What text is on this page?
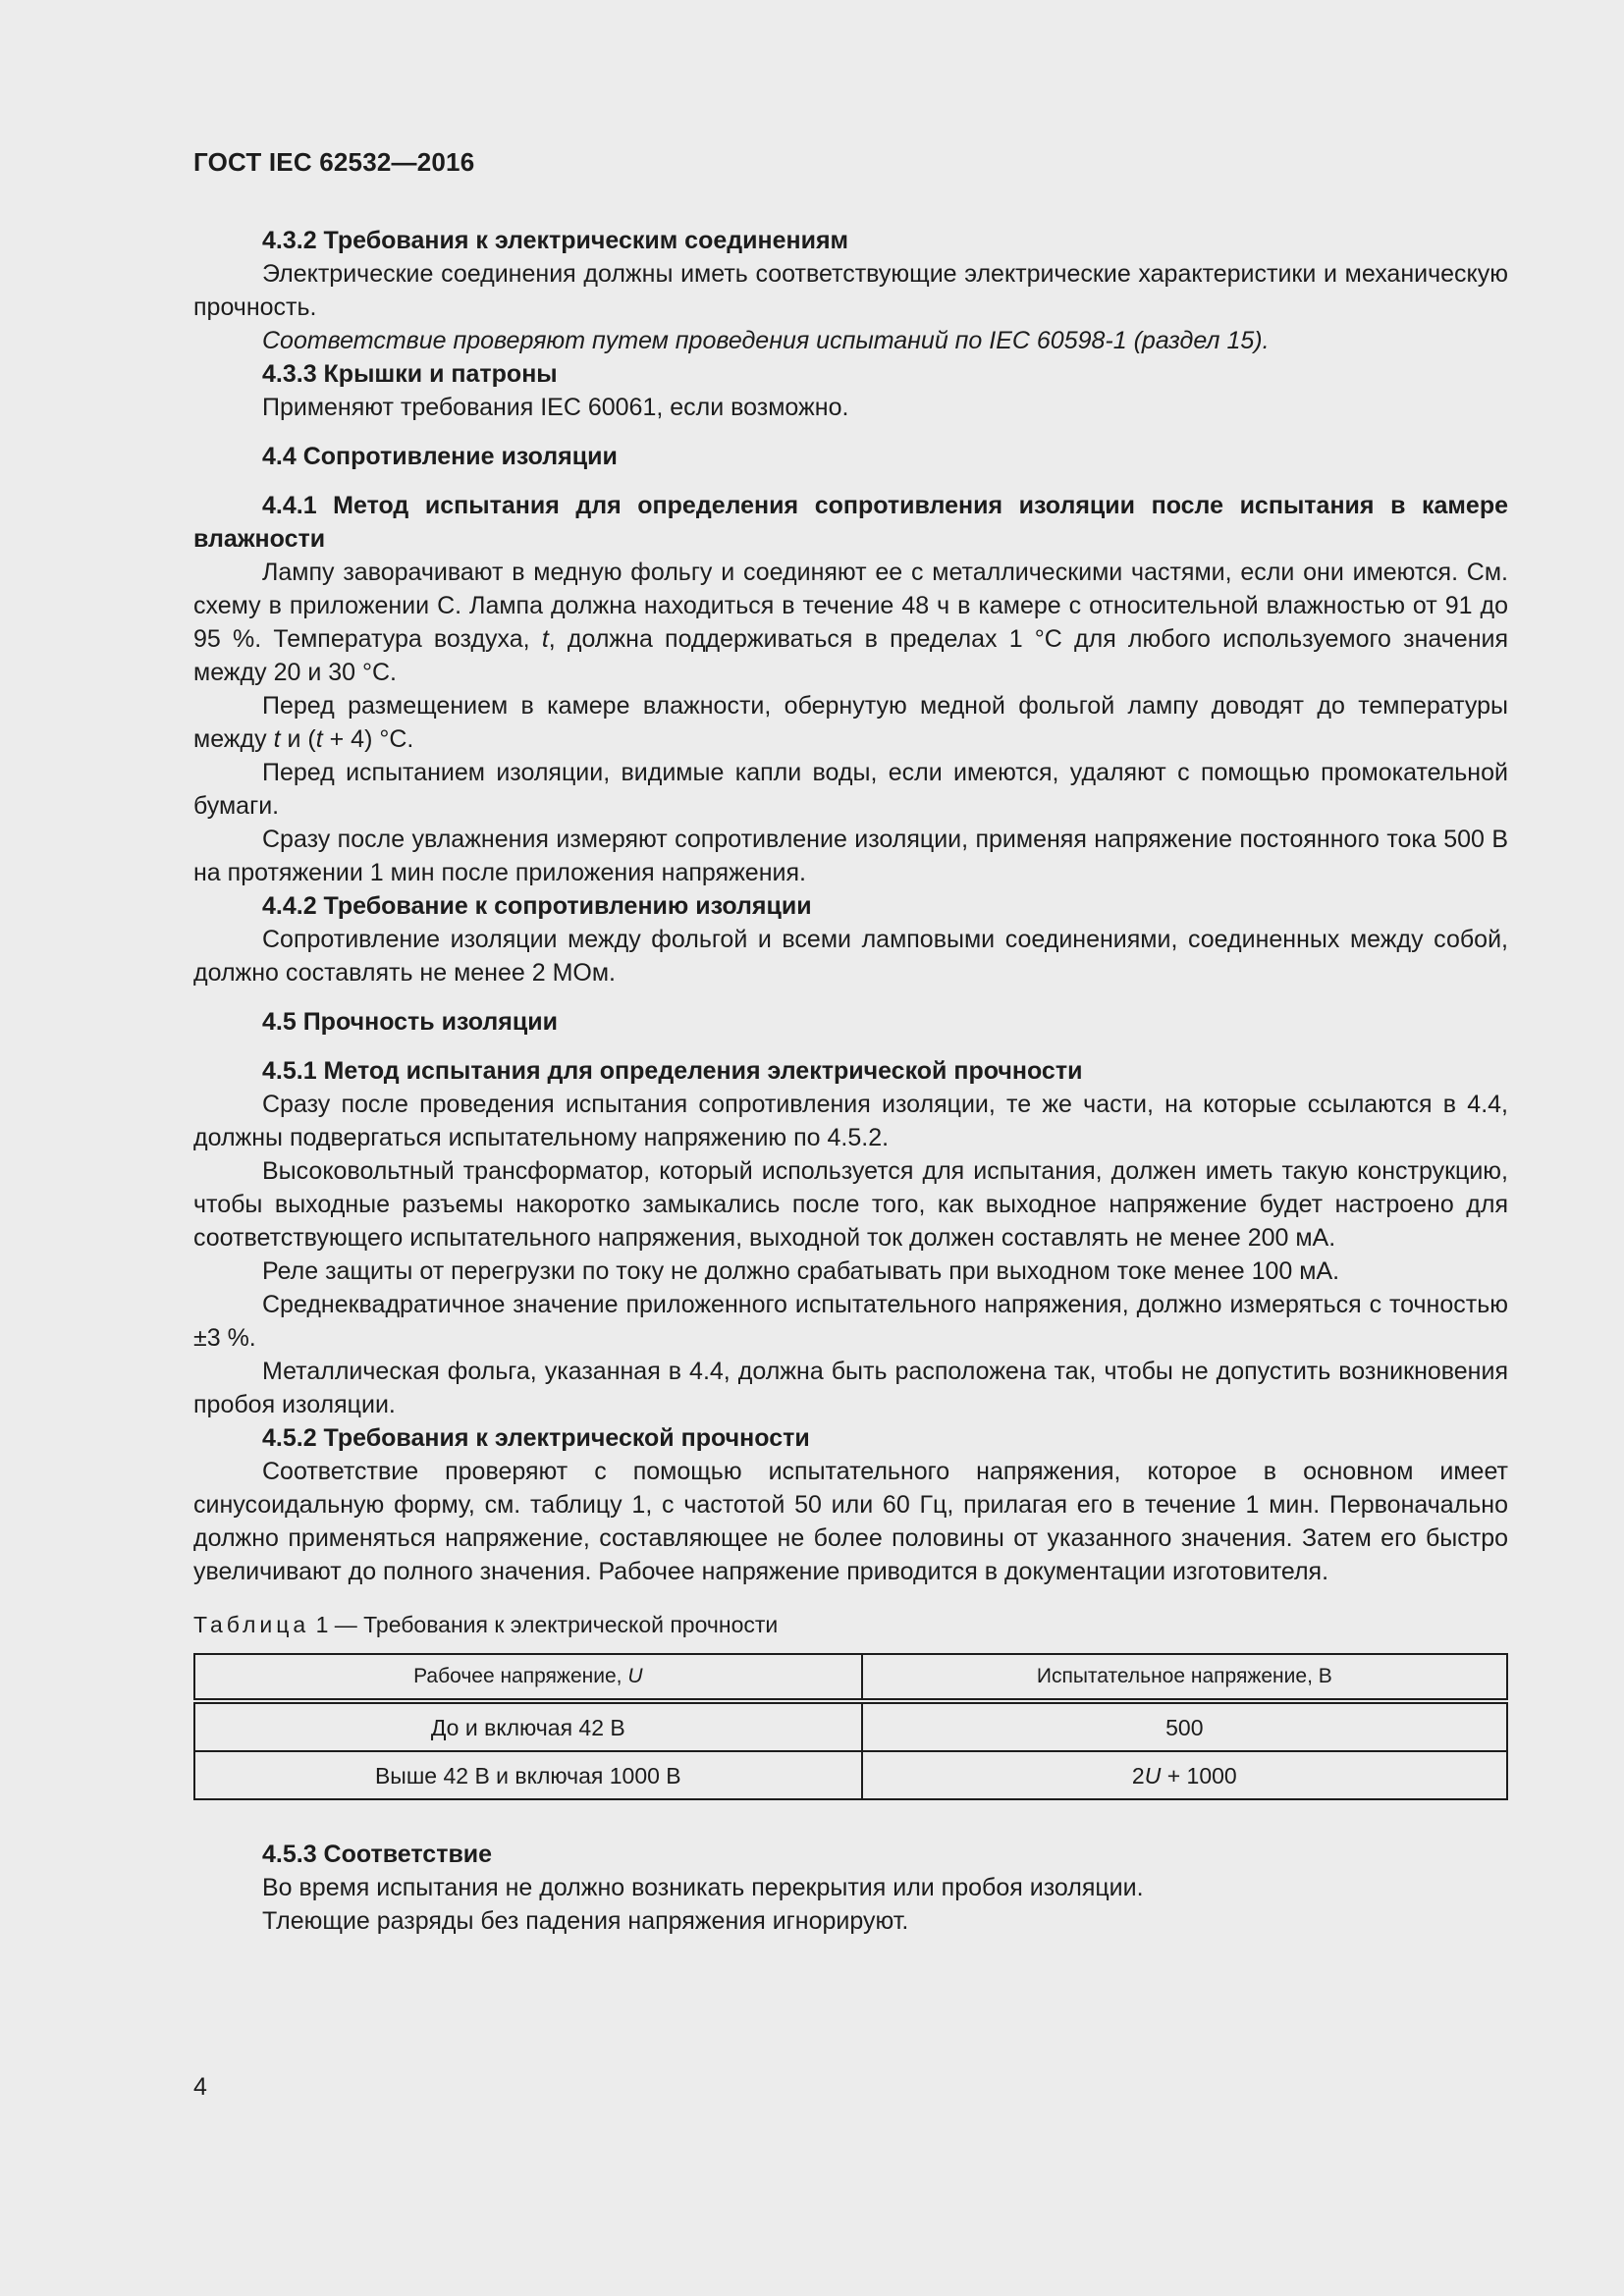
ГОСТ IEC 62532—2016

4.3.2 Требования к электрическим соединениям

Электрические соединения должны иметь соответствующие электрические характеристики и механическую прочность.

Соответствие проверяют путем проведения испытаний по IEC 60598-1 (раздел 15).

4.3.3 Крышки и патроны

Применяют требования IEC 60061, если возможно.

4.4 Сопротивление изоляции

4.4.1 Метод испытания для определения сопротивления изоляции после испытания в камере влажности

Лампу заворачивают в медную фольгу и соединяют ее с металлическими частями, если они имеются. См. схему в приложении С. Лампа должна находиться в течение 48 ч в камере с относительной влажностью от 91 до 95 %. Температура воздуха, t, должна поддерживаться в пределах 1 °С для любого используемого значения между 20 и 30 °С.

Перед размещением в камере влажности, обернутую медной фольгой лампу доводят до температуры между t и (t + 4) °С.

Перед испытанием изоляции, видимые капли воды, если имеются, удаляют с помощью промокательной бумаги.

Сразу после увлажнения измеряют сопротивление изоляции, применяя напряжение постоянного тока 500 В на протяжении 1 мин после приложения напряжения.

4.4.2 Требование к сопротивлению изоляции

Сопротивление изоляции между фольгой и всеми ламповыми соединениями, соединенных между собой, должно составлять не менее 2 МОм.

4.5 Прочность изоляции

4.5.1 Метод испытания для определения электрической прочности

Сразу после проведения испытания сопротивления изоляции, те же части, на которые ссылаются в 4.4, должны подвергаться испытательному напряжению по 4.5.2.

Высоковольтный трансформатор, который используется для испытания, должен иметь такую конструкцию, чтобы выходные разъемы накоротко замыкались после того, как выходное напряжение будет настроено для соответствующего испытательного напряжения, выходной ток должен составлять не менее 200 мА.

Реле защиты от перегрузки по току не должно срабатывать при выходном токе менее 100 мА.

Среднеквадратичное значение приложенного испытательного напряжения, должно измеряться с точностью ±3 %.

Металлическая фольга, указанная в 4.4, должна быть расположена так, чтобы не допустить возникновения пробоя изоляции.

4.5.2 Требования к электрической прочности

Соответствие проверяют с помощью испытательного напряжения, которое в основном имеет синусоидальную форму, см. таблицу 1, с частотой 50 или 60 Гц, прилагая его в течение 1 мин. Первоначально должно применяться напряжение, составляющее не более половины от указанного значения. Затем его быстро увеличивают до полного значения. Рабочее напряжение приводится в документации изготовителя.

Таблица 1 — Требования к электрической прочности
Рабочее напряжение, U	Испытательное напряжение, В
До и включая 42 В	500
Выше 42 В и включая 1000 В	2U + 1000

4.5.3 Соответствие

Во время испытания не должно возникать перекрытия или пробоя изоляции.

Тлеющие разряды без падения напряжения игнорируют.

4
